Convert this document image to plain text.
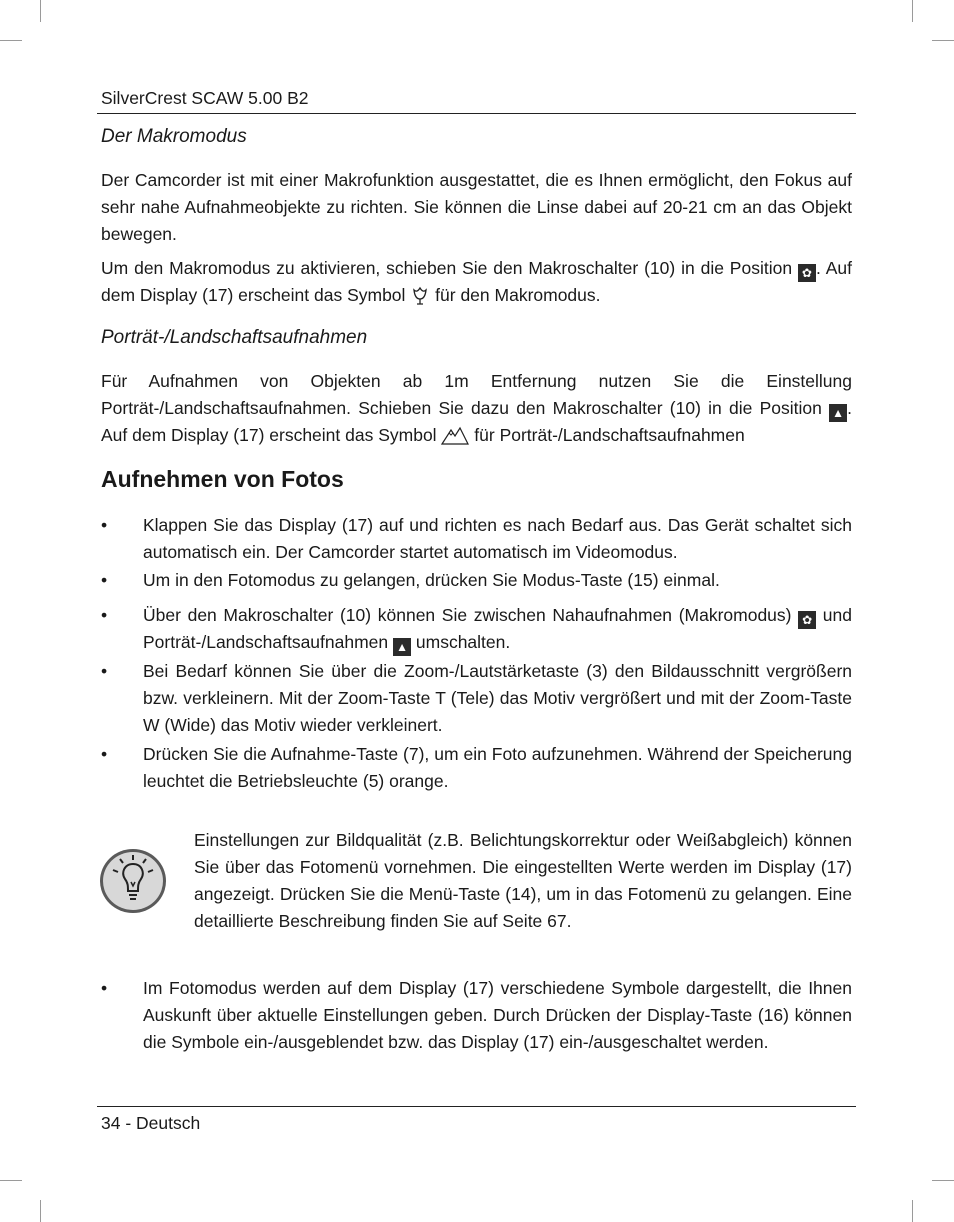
SilverCrest SCAW 5.00 B2
Der Makromodus

Der Camcorder ist mit einer Makrofunktion ausgestattet, die es Ihnen ermöglicht, den Fokus auf sehr nahe Aufnahmeobjekte zu richten. Sie können die Linse dabei auf 20-21 cm an das Objekt bewegen.

Um den Makromodus zu aktivieren, schieben Sie den Makroschalter (10) in die Position ✿ . Auf dem Display (17) erscheint das Symbol  für den Makromodus.

Porträt-/Landschaftsaufnahmen

Für Aufnahmen von Objekten ab 1m Entfernung nutzen Sie die Einstellung Porträt-/Landschaftsaufnahmen. Schieben Sie dazu den Makroschalter (10) in die Position ▲ . Auf dem Display (17) erscheint das Symbol  für Porträt-/Landschaftsaufnahmen

Aufnehmen von Fotos
•	Klappen Sie das Display (17) auf und richten es nach Bedarf aus. Das Gerät schaltet sich automatisch ein. Der Camcorder startet automatisch im Videomodus.
•	Um in den Fotomodus zu gelangen, drücken Sie Modus-Taste (15) einmal.
•	Über den Makroschalter (10) können Sie zwischen Nahaufnahmen (Makromodus) ✿ und Porträt-/Landschaftsaufnahmen ▲ umschalten.
•	Bei Bedarf können Sie über die Zoom-/Lautstärketaste (3) den Bildausschnitt vergrößern bzw. verkleinern. Mit der Zoom-Taste T (Tele) das Motiv vergrößert und mit der Zoom-Taste W (Wide) das Motiv wieder verkleinert.
•	Drücken Sie die Aufnahme-Taste (7), um ein Foto aufzunehmen. Während der Speicherung leuchtet die Betriebsleuchte (5) orange.
Einstellungen zur Bildqualität (z.B. Belichtungskorrektur oder Weißabgleich) können Sie über das Fotomenü vornehmen. Die eingestellten Werte werden im Display (17) angezeigt. Drücken Sie die Menü-Taste (14), um in das Fotomenü zu gelangen. Eine detaillierte Beschreibung finden Sie auf Seite 67.
•	Im Fotomodus werden auf dem Display (17) verschiedene Symbole dargestellt, die Ihnen Auskunft über aktuelle Einstellungen geben. Durch Drücken der Display-Taste (16) können die Symbole ein-/ausgeblendet bzw. das Display (17) ein-/ausgeschaltet werden.
34 - Deutsch
